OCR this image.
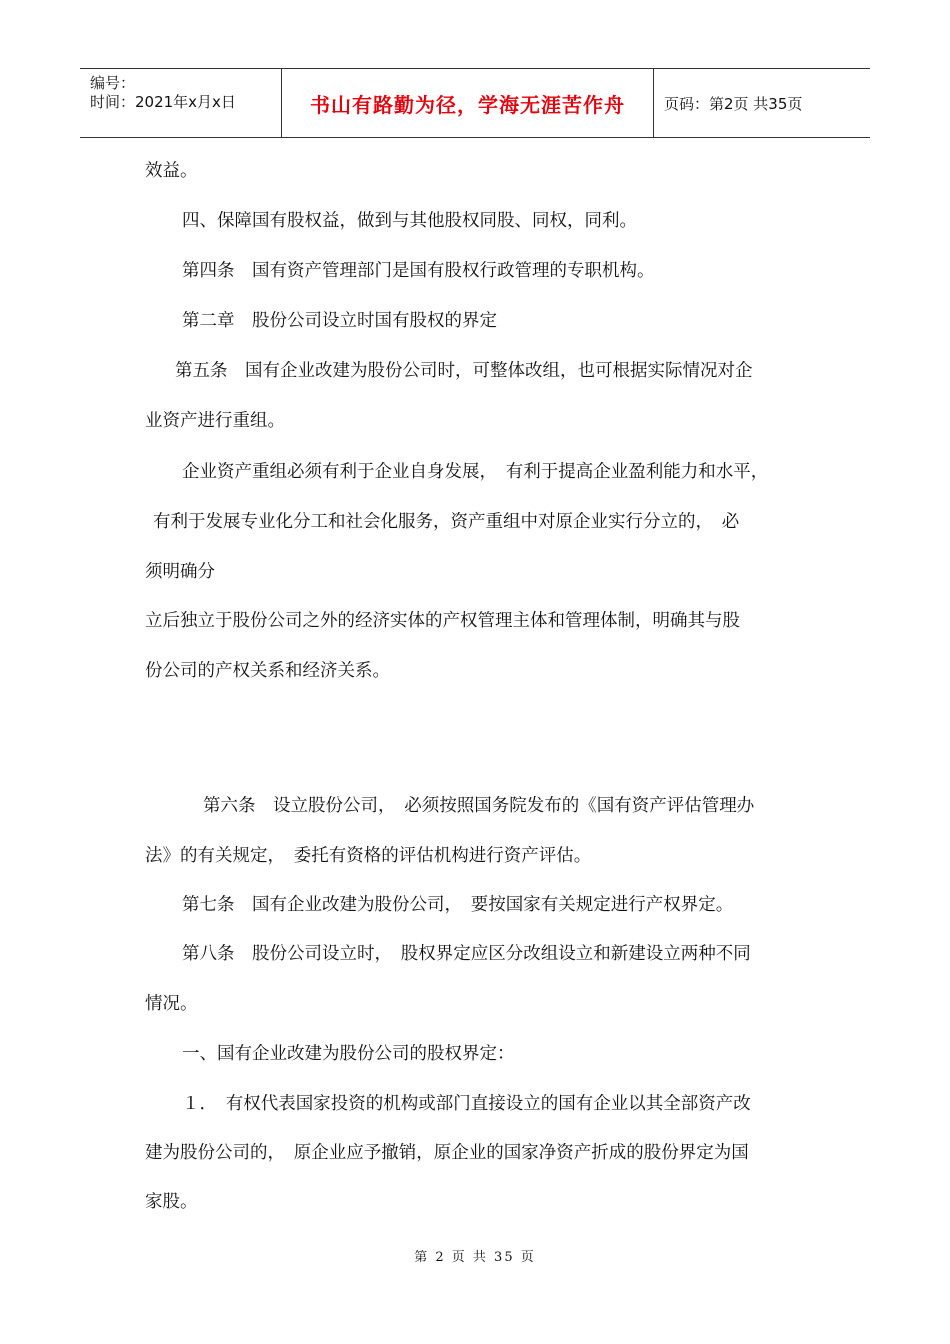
编号：
时间：2021年x月x日	书山有路勤为径，学海无涯苦作舟	页码：第2页 共35页
效益。
四、保障国有股权益，做到与其他股权同股、同权，同利。
第四条　国有资产管理部门是国有股权行政管理的专职机构。
第二章　股份公司设立时国有股权的界定
第五条　国有企业改建为股份公司时，可整体改组，也可根据实际情况对企
业资产进行重组。
企业资产重组必须有利于企业自身发展，　有利于提高企业盈利能力和水平，
有利于发展专业化分工和社会化服务，资产重组中对原企业实行分立的，　必
须明确分
立后独立于股份公司之外的经济实体的产权管理主体和管理体制，明确其与股
份公司的产权关系和经济关系。
第六条　设立股份公司，　必须按照国务院发布的《国有资产评估管理办
法》的有关规定，　委托有资格的评估机构进行资产评估。
第七条　国有企业改建为股份公司，　要按国家有关规定进行产权界定。
第八条　股份公司设立时，　股权界定应区分改组设立和新建设立两种不同
情况。
一、国有企业改建为股份公司的股权界定：
１．　有权代表国家投资的机构或部门直接设立的国有企业以其全部资产改
建为股份公司的，　原企业应予撤销，原企业的国家净资产折成的股份界定为国
家股。
第 2 页 共 35 页
